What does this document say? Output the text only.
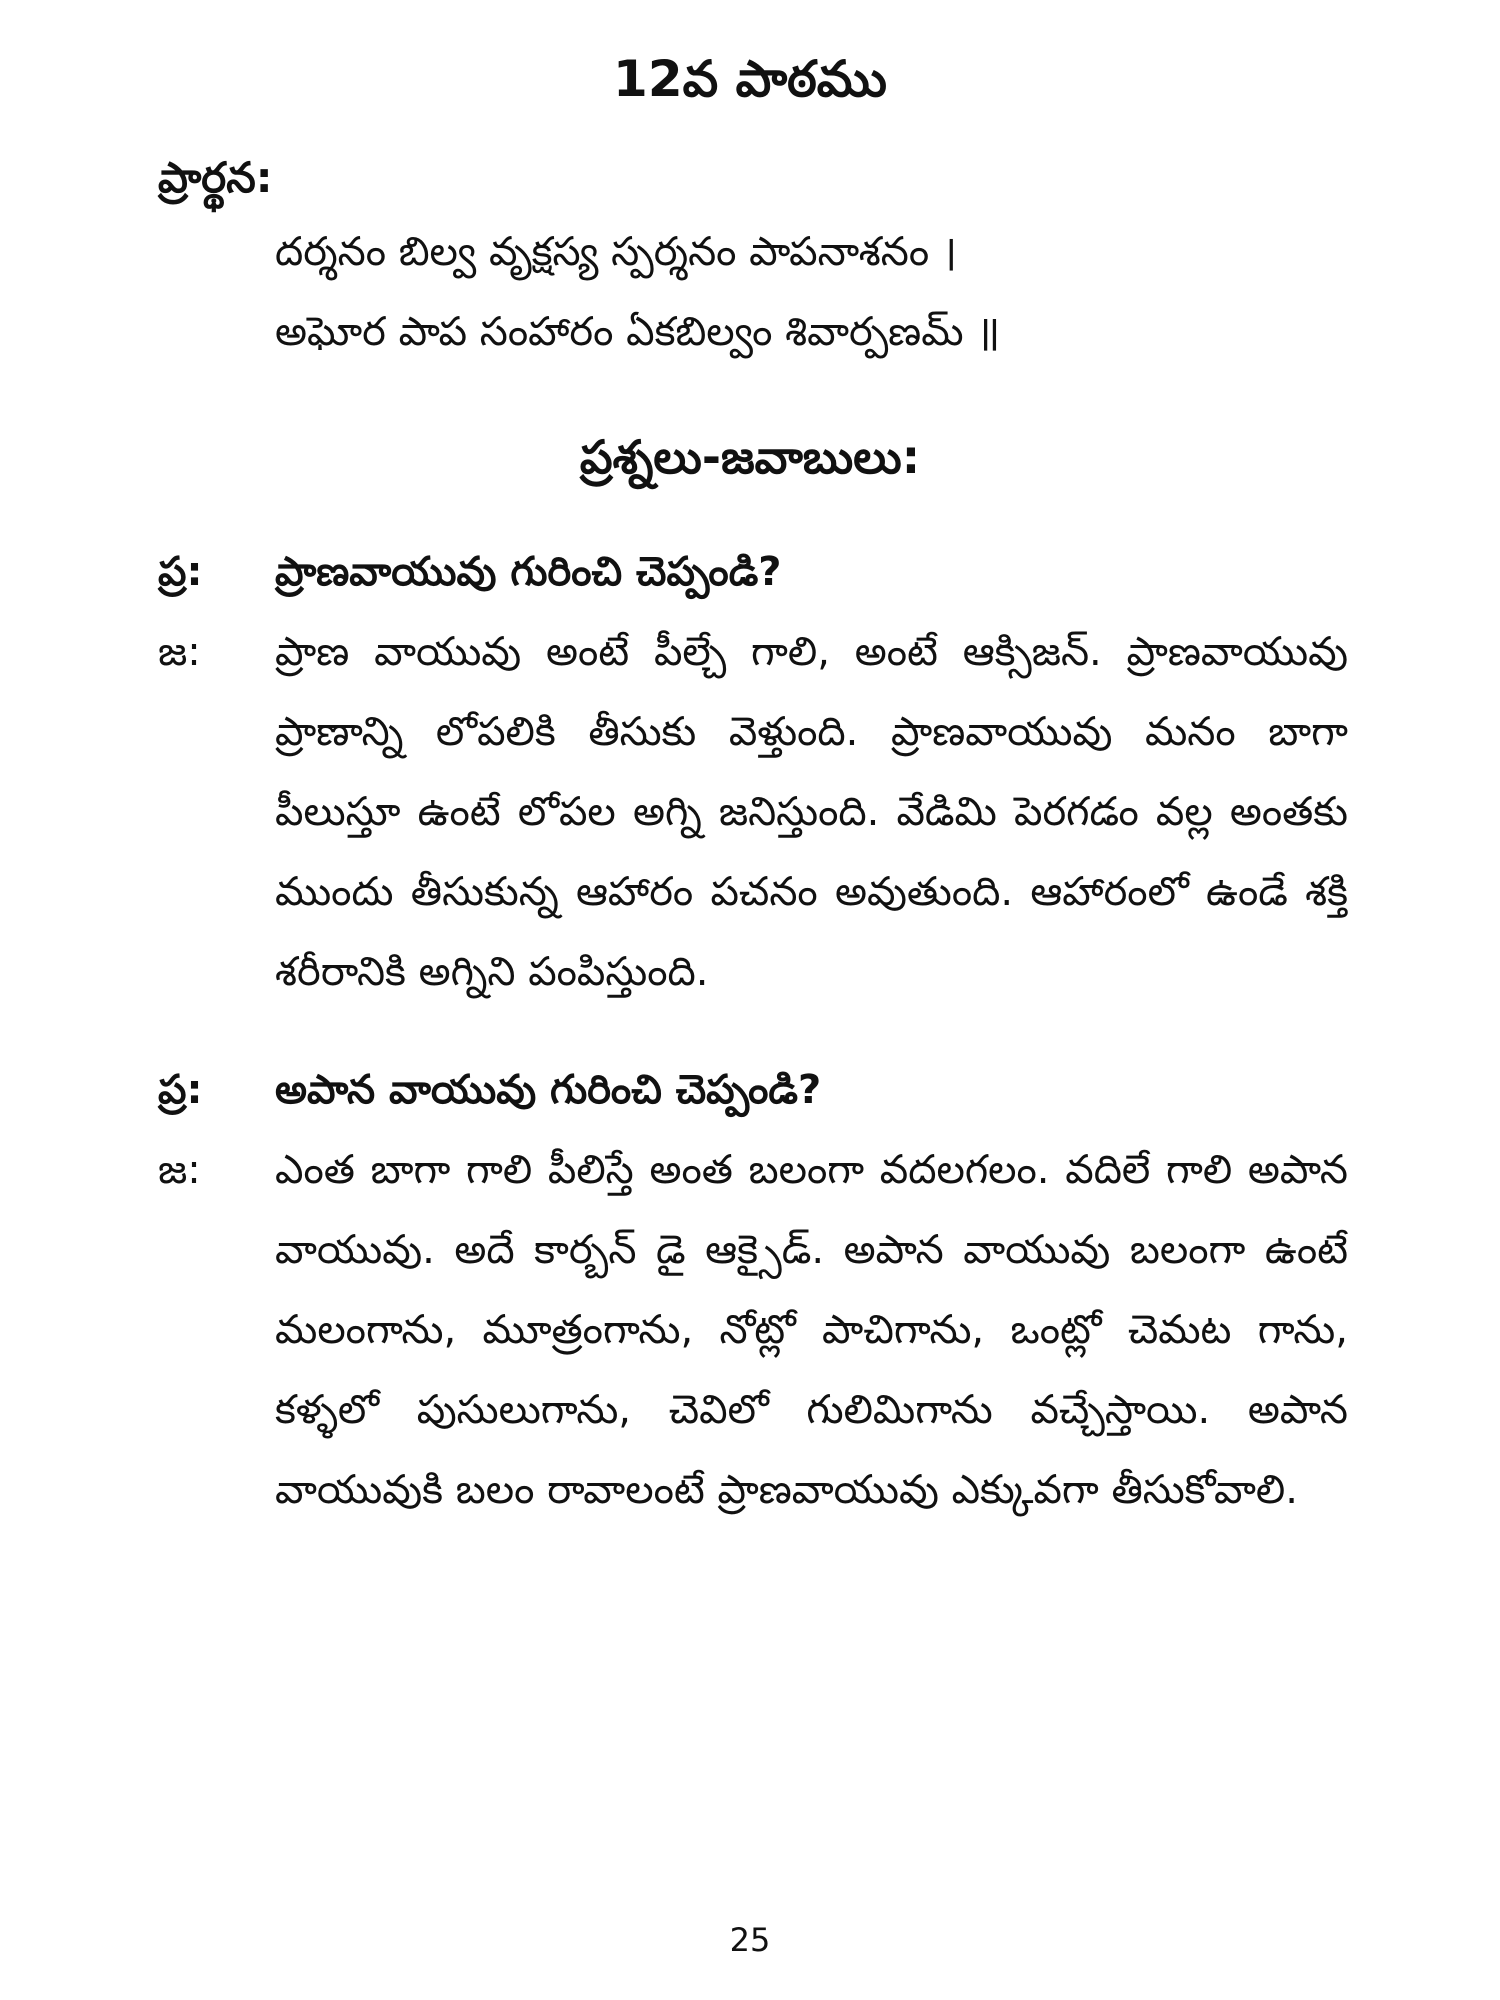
12వ పాఠము
ప్రార్థన:
దర్శనం బిల్వ వృక్షస్య స్పర్శనం పాపనాశనం ।
అఘోర పాప సంహారం ఏకబిల్వం శివార్పణమ్ ॥
ప్రశ్నలు-జవాబులు:
ప్ర:	ప్రాణవాయువు గురించి చెప్పండి?
జ:	ప్రాణ వాయువు అంటే పీల్చే గాలి, అంటే ఆక్సిజన్. ప్రాణవాయువు ప్రాణాన్ని లోపలికి తీసుకు వెళ్తుంది. ప్రాణవాయువు మనం బాగా పీలుస్తూ ఉంటే లోపల అగ్ని జనిస్తుంది. వేడిమి పెరగడం వల్ల అంతకు ముందు తీసుకున్న ఆహారం పచనం అవుతుంది. ఆహారంలో ఉండే శక్తి శరీరానికి అగ్నిని పంపిస్తుంది.
ప్ర:	అపాన వాయువు గురించి చెప్పండి?
జ:	ఎంత బాగా గాలి పీలిస్తే అంత బలంగా వదలగలం. వదిలే గాలి అపాన వాయువు. అదే కార్బన్ డై ఆక్సైడ్. అపాన వాయువు బలంగా ఉంటే మలంగాను, మూత్రంగాను, నోట్లో పాచిగాను, ఒంట్లో చెమట గాను, కళ్ళలో పుసులుగాను, చెవిలో గులిమిగాను వచ్చేస్తాయి. అపాన వాయువుకి బలం రావాలంటే ప్రాణవాయువు ఎక్కువగా తీసుకోవాలి.
25
